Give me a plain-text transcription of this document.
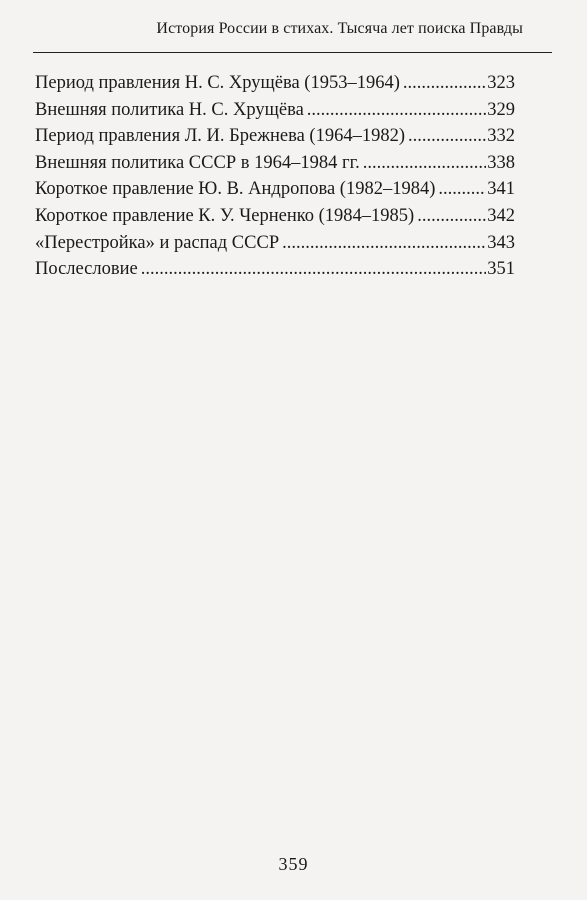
История России в стихах. Тысяча лет поиска Правды
Период правления Н. С. Хрущёва (1953–1964) .....	323
Внешняя политика Н. С. Хрущёва .....	329
Период правления Л. И. Брежнева (1964–1982) .....	332
Внешняя политика СССР в 1964–1984 гг. .....	338
Короткое правление Ю. В. Андропова (1982–1984) .....	341
Короткое правление К. У. Черненко (1984–1985) .....	342
«Перестройка» и распад СССР .....	343
Послесловие .....	351
359
